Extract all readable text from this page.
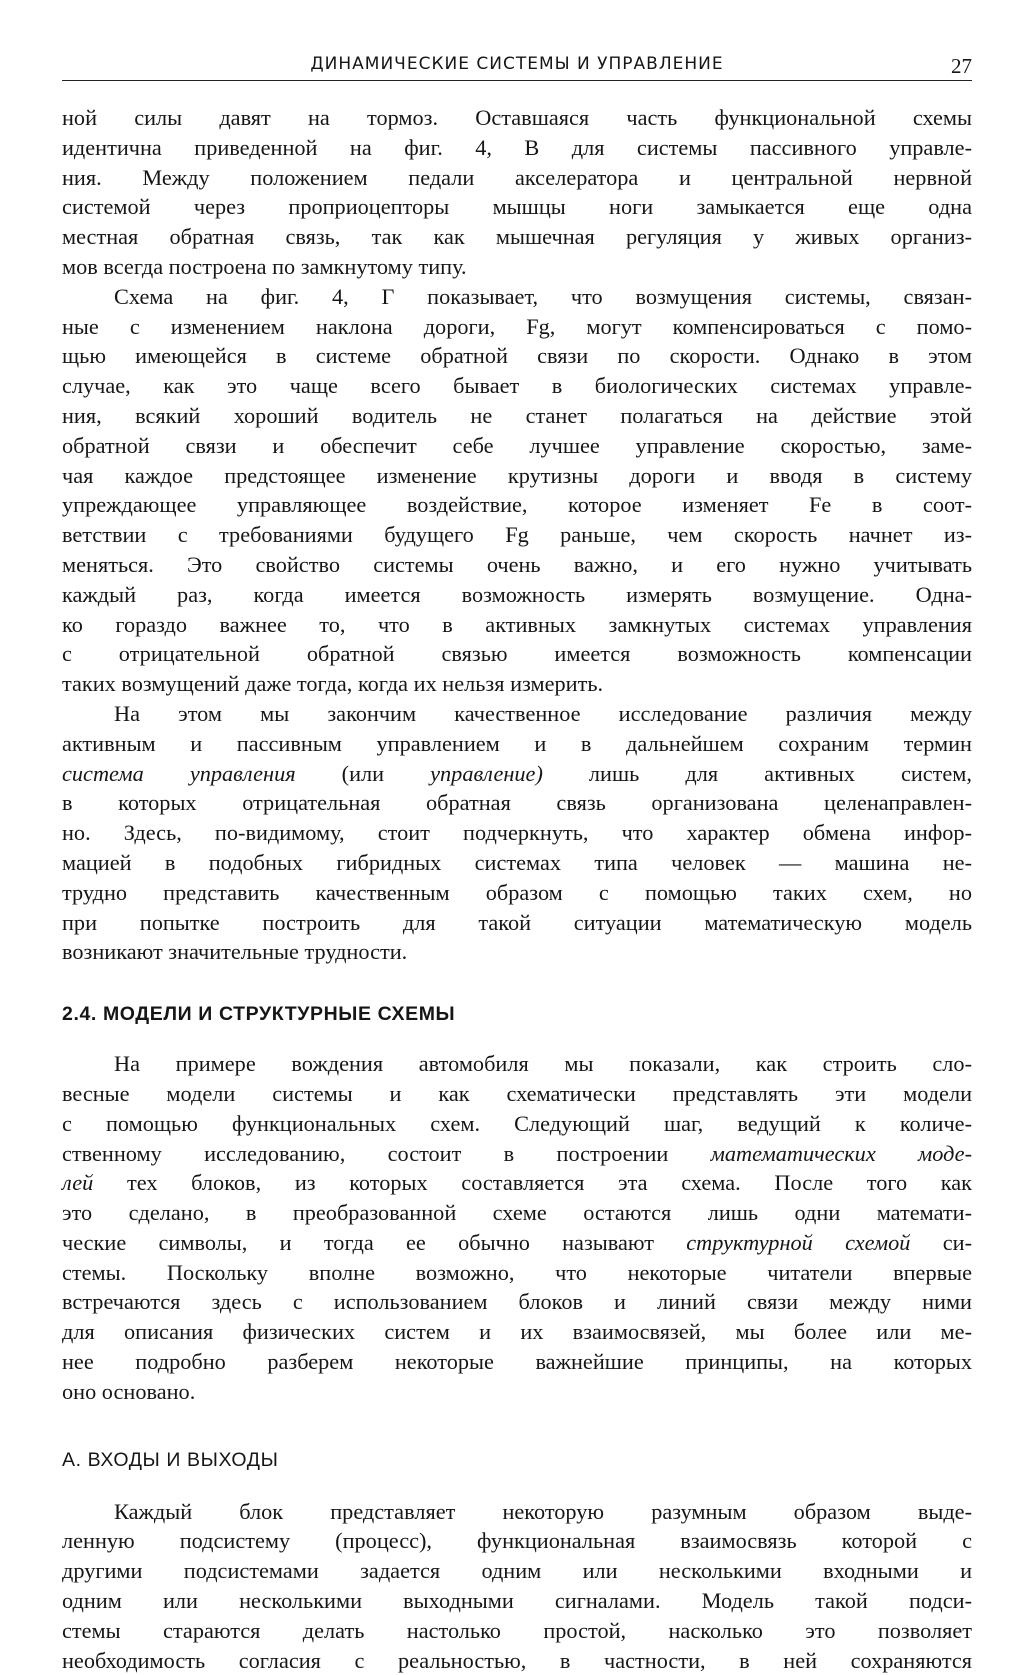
ДИНАМИЧЕСКИЕ СИСТЕМЫ И УПРАВЛЕНИЕ	27

ной силы давят на тормоз. Оставшаяся часть функциональной схемы

идентична приведенной на фиг. 4, В для системы пассивного управле-

ния. Между положением педали акселератора и центральной нервной

системой через проприоцепторы мышцы ноги замыкается еще одна

местная обратная связь, так как мышечная регуляция у живых организ-

мов всегда построена по замкнутому типу.

Схема на фиг. 4, Г показывает, что возмущения системы, связан-

ные с изменением наклона дороги, Fg, могут компенсироваться с помо-

щью имеющейся в системе обратной связи по скорости. Однако в этом

случае, как это чаще всего бывает в биологических системах управле-

ния, всякий хороший водитель не станет полагаться на действие этой

обратной связи и обеспечит себе лучшее управление скоростью, заме-

чая каждое предстоящее изменение крутизны дороги и вводя в систему

упреждающее управляющее воздействие, которое изменяет Fe в соот-

ветствии с требованиями будущего Fg раньше, чем скорость начнет из-

меняться. Это свойство системы очень важно, и его нужно учитывать

каждый раз, когда имеется возможность измерять возмущение. Одна-

ко гораздо важнее то, что в активных замкнутых системах управления

с отрицательной обратной связью имеется возможность компенсации

таких возмущений даже тогда, когда их нельзя измерить.

На этом мы закончим качественное исследование различия между

активным и пассивным управлением и в дальнейшем сохраним термин

система управления (или управление) лишь для активных систем,

в которых отрицательная обратная связь организована целенаправлен-

но. Здесь, по-видимому, стоит подчеркнуть, что характер обмена инфор-

мацией в подобных гибридных системах типа человек — машина не-

трудно представить качественным образом с помощью таких схем, но

при попытке построить для такой ситуации математическую модель

возникают значительные трудности.

2.4. МОДЕЛИ И СТРУКТУРНЫЕ СХЕМЫ

На примере вождения автомобиля мы показали, как строить сло-

весные модели системы и как схематически представлять эти модели

с помощью функциональных схем. Следующий шаг, ведущий к количе-

ственному исследованию, состоит в построении математических моде-

лей тех блоков, из которых составляется эта схема. После того как

это сделано, в преобразованной схеме остаются лишь одни математи-

ческие символы, и тогда ее обычно называют структурной схемой си-

стемы. Поскольку вполне возможно, что некоторые читатели впервые

встречаются здесь с использованием блоков и линий связи между ними

для описания физических систем и их взаимосвязей, мы более или ме-

нее подробно разберем некоторые важнейшие принципы, на которых

оно основано.

А. ВХОДЫ И ВЫХОДЫ

Каждый блок представляет некоторую разумным образом выде-

ленную подсистему (процесс), функциональная взаимосвязь которой с

другими подсистемами задается одним или несколькими входными и

одним или несколькими выходными сигналами. Модель такой подси-

стемы стараются делать настолько простой, насколько это позволяет

необходимость согласия с реальностью, в частности, в ней сохраняются
